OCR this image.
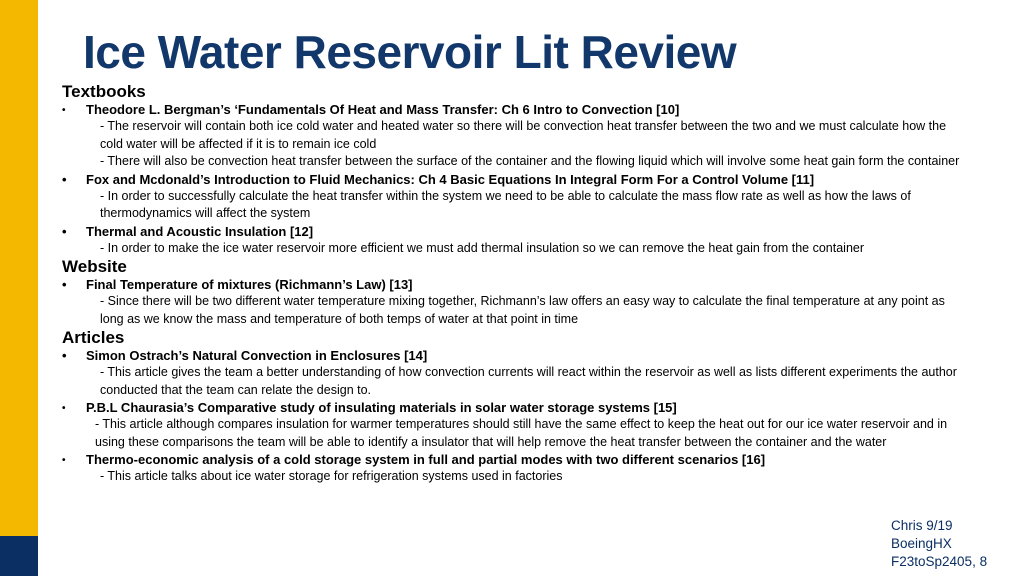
Ice Water Reservoir Lit Review
Textbooks
•	Theodore L. Bergman’s ‘Fundamentals Of Heat and Mass Transfer: Ch 6 Intro to Convection [10]

- The reservoir will contain both ice cold water and heated water so there will be convection heat transfer between the two and we must calculate how the cold water will be affected if it is to remain ice cold

- There will also be convection heat transfer between the surface of the container and the flowing liquid which will involve some heat gain form the container

•	Fox and Mcdonald’s Introduction to Fluid Mechanics: Ch 4 Basic Equations In Integral Form For a Control Volume [11]

- In order to successfully calculate the heat transfer within the system we need to be able to calculate the mass flow rate as well as how the laws of thermodynamics will affect the system

•	Thermal and Acoustic Insulation [12]

- In order to make the ice water reservoir more efficient we must add thermal insulation so we can remove the heat gain from the container

Website
•	Final Temperature of mixtures (Richmann’s Law) [13]

- Since there will be two different water temperature mixing together, Richmann’s law offers an easy way to calculate the final temperature at any point as long as we know the mass and temperature of both temps of water at that point in time

Articles
•	Simon Ostrach’s Natural Convection in Enclosures [14]

- This article gives the team a better understanding of how convection currents will react within the reservoir as well as lists different experiments the author conducted that the team can relate the design to.

•	P.B.L Chaurasia’s Comparative study of insulating materials in solar water storage systems [15]

- This article although compares insulation for warmer temperatures should still have the same effect to keep the heat out for our ice water reservoir and in using these comparisons the team will be able to identify a insulator that will help remove the heat transfer between the container and the water

•	Thermo-economic analysis of a cold storage system in full and partial modes with two different scenarios [16]

- This article talks about ice water storage for refrigeration systems used in factories

Chris 9/19
BoeingHX
F23toSp2405, 8
